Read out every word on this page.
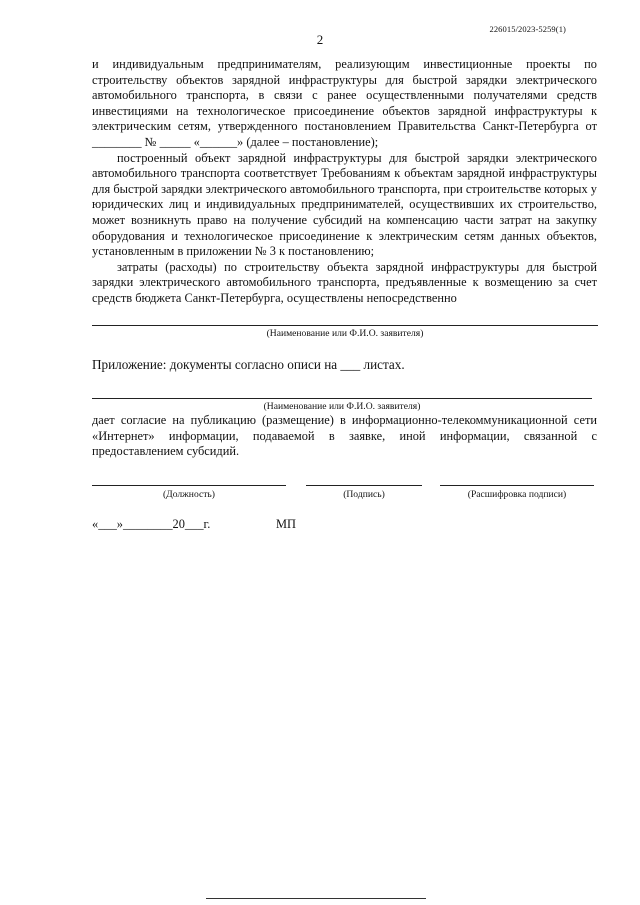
226015/2023-5259(1)
2

и индивидуальным предпринимателям, реализующим инвестиционные проекты по строительству объектов зарядной инфраструктуры для быстрой зарядки электрического автомобильного транспорта, в связи с ранее осуществленными получателями средств инвестициями на технологическое присоединение объектов зарядной инфраструктуры к электрическим сетям, утвержденного постановлением Правительства Санкт-Петербурга от ________ № _____ «______» (далее – постановление);

построенный объект зарядной инфраструктуры для быстрой зарядки электрического автомобильного транспорта соответствует Требованиям к объектам зарядной инфраструктуры для быстрой зарядки электрического автомобильного транспорта, при строительстве которых у юридических лиц и индивидуальных предпринимателей, осуществивших их строительство, может возникнуть право на получение субсидий на компенсацию части затрат на закупку оборудования и технологическое присоединение к электрическим сетям данных объектов, установленным в приложении № 3 к постановлению;

затраты (расходы) по строительству объекта зарядной инфраструктуры для быстрой зарядки электрического автомобильного транспорта, предъявленные к возмещению за счет средств бюджета Санкт-Петербурга, осуществлены непосредственно

(Наименование или Ф.И.О. заявителя)
Приложение: документы согласно описи на ___ листах.
(Наименование или Ф.И.О. заявителя)

дает согласие на публикацию (размещение) в информационно-телекоммуникационной сети «Интернет» информации, подаваемой в заявке, иной информации, связанной с предоставлением субсидий.

(Должность)	(Подпись)	(Расшифровка подписи)
«___»________20___г.	МП
